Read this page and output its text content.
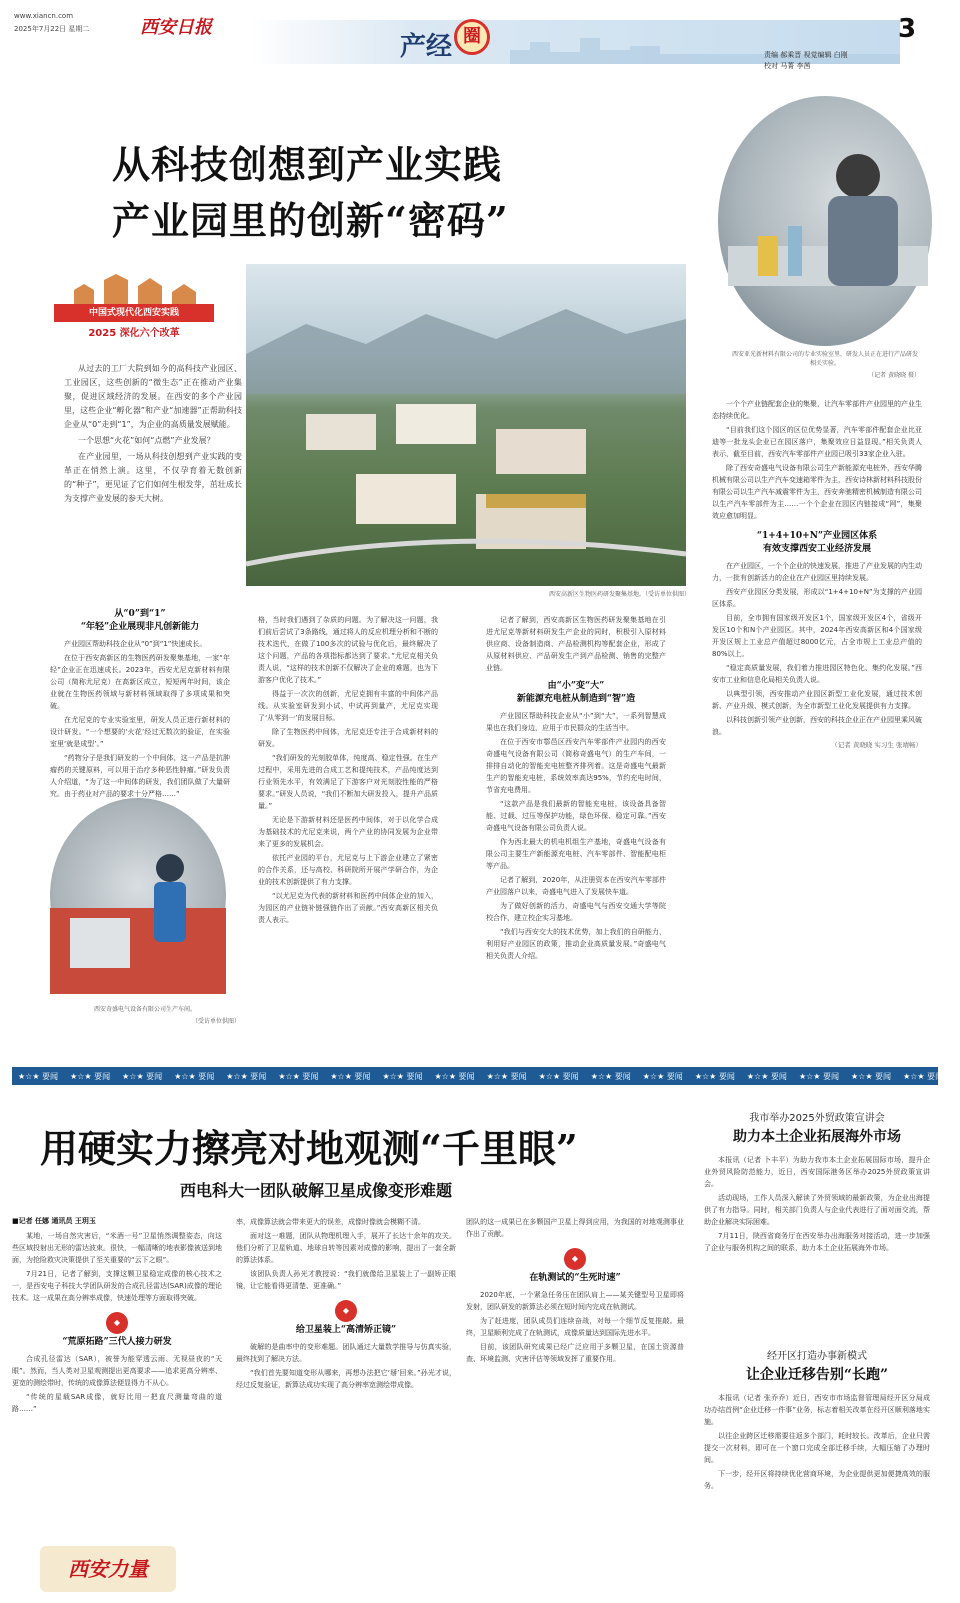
www.xiancn.com
2025年7月22日 星期二	西安日报
产经 圈	3
责编 郝乘晋 视觉编辑 白刚
校对 马菁 李茜
从科技创想到产业实践
产业园里的创新“密码”
西安亚光新材料有限公司的专业实验室里，研发人员正在进行产品研发相关实验。
（记者 黄晓晓 摄）
中国式现代化西安实践
2025 深化六个改革

从过去的工厂大院到如今的高科技产业园区、工业园区，这些创新的“微生态”正在推动产业集聚，促进区域经济的发展。在西安的多个产业园里，这些企业“孵化器”和产业“加速器”正帮助科技企业从“0”走到“1”，为企业的高质量发展赋能。

一个思想“火花”如何“点燃”产业发展？

在产业园里，一场从科技创想到产业实践的变革正在悄然上演。这里，不仅孕育着无数创新的“种子”，更见证了它们如何生根发芽，茁壮成长为支撑产业发展的参天大树。

西安高新区生物医药研发聚集基地。（受访单位供图）
从“0”到“1”
“年轻”企业展现非凡创新能力

产业园区帮助科技企业从“0”到“1”快速成长。

在位于西安高新区的生物医药研发聚集基地，一家“年轻”企业正在迅速成长。2023年，西安尤尼克新材料有限公司（简称尤尼克）在高新区成立，短短两年时间，该企业就在生物医药领域与新材料领域取得了多项成果和突破。

在尤尼克的专业实验室里，研发人员正进行新材料的设计研发。“一个想要的‘火花’经过无数次的验证，在实验室里‘就是成型’。”

“药物分子是我们研发的一个中间体，这一产品是抗肿瘤药的关键原料，可以用于治疗多种恶性肿瘤。”研发负责人介绍道，“为了这一中间体的研发，我们团队做了大量研究。由于药业对产品的要求十分严格……”

西安奇盛电气设备有限公司生产车间。
（受访单位供图）

格，当时我们遇到了杂质的问题。为了解决这一问题，我们前后尝试了3条路线，通过将人的反应机理分析和不断的技术迭代，在做了100多次的试验与优化后，最终解决了这个问题，产品的各项指标都达到了要求。”尤尼克相关负责人说，“这样的技术创新不仅解决了企业的难题，也为下游客户优化了技术。”

得益于一次次的创新，尤尼克拥有丰富的中间体产品线。从实验室研发到小试、中试再到量产，尤尼克实现了‘从零到一’的发展目标。

除了生物医药中间体，尤尼克还专注于合成新材料的研发。

“我们研发的光刻胶单体，纯度高、稳定性强。在生产过程中，采用先进的合成工艺和提纯技术，产品纯度达到行业领先水平，有效满足了下游客户对光刻胶性能的严格要求。”研发人员说，“我们不断加大研发投入，提升产品质量。”

无论是下游新材料还是医药中间体，对于以化学合成为基础技术的尤尼克来说，两个产业的协同发展为企业带来了更多的发展机会。

依托产业园的平台，尤尼克与上下游企业建立了紧密的合作关系，还与高校、科研院所开展产学研合作，为企业的技术创新提供了有力支撑。

“以尤尼克为代表的新材料和医药中间体企业的加入，为园区的产业链补链强链作出了贡献。”西安高新区相关负责人表示。

记者了解到，西安高新区生物医药研发聚集基地在引进尤尼克等新材料研发生产企业的同时，积极引入原材料供应商、设备制造商、产品检测机构等配套企业，形成了从原材料供应、产品研发生产到产品检测、销售的完整产业链。

由“小”变“大”
新能源充电桩从制造到“智”造

产业园区帮助科技企业从“小”到“大”，一系列智慧成果也在我们身边，应用于市民群众的生活当中。

在位于西安市鄠邑区西安汽车零部件产业园内的西安奇盛电气设备有限公司（简称奇盛电气）的生产车间，一排排自动化的智能充电桩整齐排列着。这是奇盛电气最新生产的智能充电桩，系统效率高达95%，节约充电时间，节省充电费用。

“这款产品是我们最新的智能充电桩，该设备具备智能、过载、过压等保护功能，绿色环保、稳定可靠。”西安奇盛电气设备有限公司负责人说。

作为西北最大的机电机组生产基地，奇盛电气设备有限公司主要生产新能源充电桩、汽车零部件、智能配电柜等产品。

记者了解到，2020年，从注册资本在西安汽车零部件产业园落户以来，奇盛电气进入了发展快车道。

为了做好创新的活力，奇盛电气与西安交通大学等院校合作，建立校企实习基地。

“我们与西安交大的技术优势，加上我们的自研能力，利用好产业园区的政策，推动企业高质量发展。”奇盛电气相关负责人介绍。

一个个产业链配套企业的集聚，让汽车零部件产业园里的产业生态持续优化。

“目前我们这个园区的区位优势显著，汽车零部件配套企业比亚迪等一批龙头企业已在园区落户，集聚效应日益显现。”相关负责人表示，截至目前，西安汽车零部件产业园已吸引33家企业入驻。

除了西安奇盛电气设备有限公司生产新能源充电桩外，西安华腾机械有限公司以生产汽车变速箱零件为主，西安诗林新材料科技股份有限公司以生产汽车减震零件为主，西安奔驰精密机械制造有限公司以生产汽车零部件为主……一个个企业在园区内链接成“网”，集聚效应愈加明显。

“1+4+10+N”产业园区体系
有效支撑西安工业经济发展

在产业园区，一个个企业的快速发展，推进了产业发展的内生动力，一批有创新活力的企业在产业园区里持续发展。

西安产业园区分类发展，形成以“1+4+10+N”为支撑的产业园区体系。

目前，全市拥有国家级开发区1个，国家级开发区4个，省级开发区10个和N个产业园区。其中，2024年西安高新区和4个国家级开发区规上工业总产值超过8000亿元，占全市规上工业总产值的80%以上。

“稳定高质量发展，我们着力推进园区特色化、集约化发展。”西安市工业和信息化局相关负责人说。

以典型引领，西安推动产业园区新型工业化发展，通过技术创新、产业升级、模式创新，为全市新型工业化发展提供有力支撑。

以科技创新引领产业创新，西安的科技企业正在产业园里乘风破浪。

（记者 黄晓晓 实习生 张靖畅）
★☆★ 要闻 ★☆★ 要闻 ★☆★ 要闻 ★☆★ 要闻 ★☆★ 要闻 ★☆★ 要闻 ★☆★ 要闻 ★☆★ 要闻 ★☆★ 要闻 ★☆★ 要闻 ★☆★ 要闻 ★☆★ 要闻 ★☆★ 要闻 ★☆★ 要闻 ★☆★ 要闻 ★☆★ 要闻 ★☆★ 要闻 ★☆★ 要闻
用硬实力擦亮对地观测“千里眼”
西电科大一团队破解卫星成像变形难题
■记者 任娜 通讯员 王玥玉

某地，一场自然灾害后，“米酒一号”卫星悄然调整姿态，向这些区域投射出无形的雷达波束。很快，一幅清晰的地表影像被送到地面，为抢险救灾决策提供了至关重要的“云下之眼”。

7月21日，记者了解到，支撑这颗卫星稳定成像的核心技术之一，是西安电子科技大学团队研发的合成孔径雷达(SAR)成像的理论技术。这一成果在高分辨率成像，快速处理等方面取得突破。

◆
“荒原拓路”三代人接力研发

合成孔径雷达（SAR），被誉为能穿透云雨、无视昼夜的“天眼”。然而，当人类对卫星观测提出更高要求——追求更高分辨率、更宽的测绘带时，传统的成像算法便显得力不从心。

“传统的星载SAR成像，就好比用一把直尺测量弯曲的道路……”

西安力量

率，成像算法就会带来更大的误差，成像时像就会模糊不清。

面对这一难题，团队从物理机理入手，展开了长达十余年的攻关。他们分析了卫星轨道、地球自转等因素对成像的影响，提出了一套全新的算法体系。

该团队负责人孙光才教授说：“我们就像给卫星装上了一副矫正眼镜，让它能看得更清楚、更准确。”

◆
给卫星装上“高清矫正镜”

破解的是曲率中的变形难题。团队通过大量数学推导与仿真实验，最终找到了解决方法。

“我们首先要知道变形从哪来，再想办法把它‘掰’回来。”孙光才说，经过反复验证，新算法成功实现了高分辨率宽测绘带成像。

团队的这一成果已在多颗国产卫星上得到应用，为我国的对地观测事业作出了贡献。

◆
在轨测试的“生死时速”

2020年底，一个紧急任务压在团队肩上——某关键型号卫星即将发射，团队研发的新算法必须在短时间内完成在轨测试。

为了赶进度，团队成员们连续奋战，对每一个细节反复推敲。最终，卫星顺利完成了在轨测试，成像质量达到国际先进水平。

目前，该团队研究成果已经广泛应用于多颗卫星，在国土资源普查、环境监测、灾害评估等领域发挥了重要作用。

我市举办2025外贸政策宣讲会
助力本土企业拓展海外市场

本报讯（记者 卜丰平）为助力我市本土企业拓展国际市场，提升企业外贸风险防范能力，近日，西安国际港务区举办2025外贸政策宣讲会。

活动现场，工作人员深入解读了外贸领域的最新政策，为企业出海提供了有力指导。同时，相关部门负责人与企业代表进行了面对面交流，帮助企业解决实际困难。

7月11日，陕西省商务厅在西安举办出海服务对接活动，进一步加强了企业与服务机构之间的联系，助力本土企业拓展海外市场。

经开区打造办事新模式
让企业迁移告别“长跑”

本报讯（记者 张乔乔）近日，西安市市场监督管理局经开区分局成功办结首例“企业迁移一件事”业务，标志着相关改革在经开区顺利落地实施。

以往企业跨区迁移需要往返多个部门，耗时较长。改革后，企业只需提交一次材料，即可在一个窗口完成全部迁移手续，大幅压缩了办理时间。

下一步，经开区将持续优化营商环境，为企业提供更加便捷高效的服务。
